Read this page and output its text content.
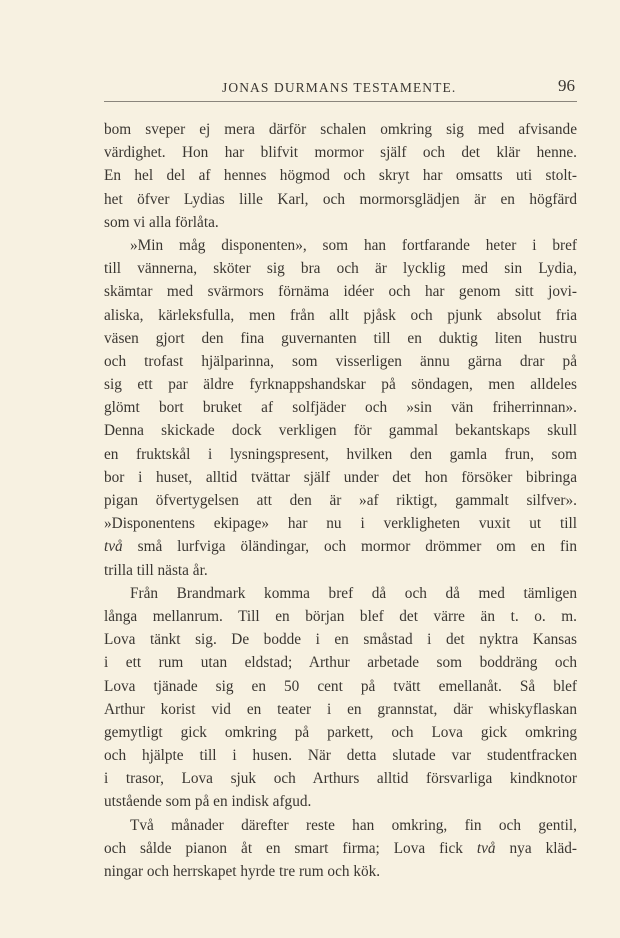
JONAS DURMANS TESTAMENTE.	96
bom sveper ej mera därför schalen omkring sig med afvisande
värdighet. Hon har blifvit mormor själf och det klär henne.
En hel del af hennes högmod och skryt har omsatts uti stolt-
het öfver Lydias lille Karl, och mormorsglädjen är en högfärd
som vi alla förlåta.
»Min måg disponenten», som han fortfarande heter i bref
till vännerna, sköter sig bra och är lycklig med sin Lydia,
skämtar med svärmors förnäma idéer och har genom sitt jovi-
aliska, kärleksfulla, men från allt pjåsk och pjunk absolut fria
väsen gjort den fina guvernanten till en duktig liten hustru
och trofast hjälparinna, som visserligen ännu gärna drar på
sig ett par äldre fyrknappshandskar på söndagen, men alldeles
glömt bort bruket af solfjäder och »sin vän friherrinnan».
Denna skickade dock verkligen för gammal bekantskaps skull
en fruktskål i lysningspresent, hvilken den gamla frun, som
bor i huset, alltid tvättar själf under det hon försöker bibringa
pigan öfvertygelsen att den är »af riktigt, gammalt silfver».
»Disponentens ekipage» har nu i verkligheten vuxit ut till
två små lurfviga öländingar, och mormor drömmer om en fin
trilla till nästa år.
Från Brandmark komma bref då och då med tämligen
långa mellanrum. Till en början blef det värre än t. o. m.
Lova tänkt sig. De bodde i en småstad i det nyktra Kansas
i ett rum utan eldstad; Arthur arbetade som boddräng och
Lova tjänade sig en 50 cent på tvätt emellanåt. Så blef
Arthur korist vid en teater i en grannstat, där whiskyflaskan
gemytligt gick omkring på parkett, och Lova gick omkring
och hjälpte till i husen. När detta slutade var studentfracken
i trasor, Lova sjuk och Arthurs alltid försvarliga kindknotor
utstående som på en indisk afgud.
Två månader därefter reste han omkring, fin och gentil,
och sålde pianon åt en smart firma; Lova fick två nya kläd-
ningar och herrskapet hyrde tre rum och kök.
